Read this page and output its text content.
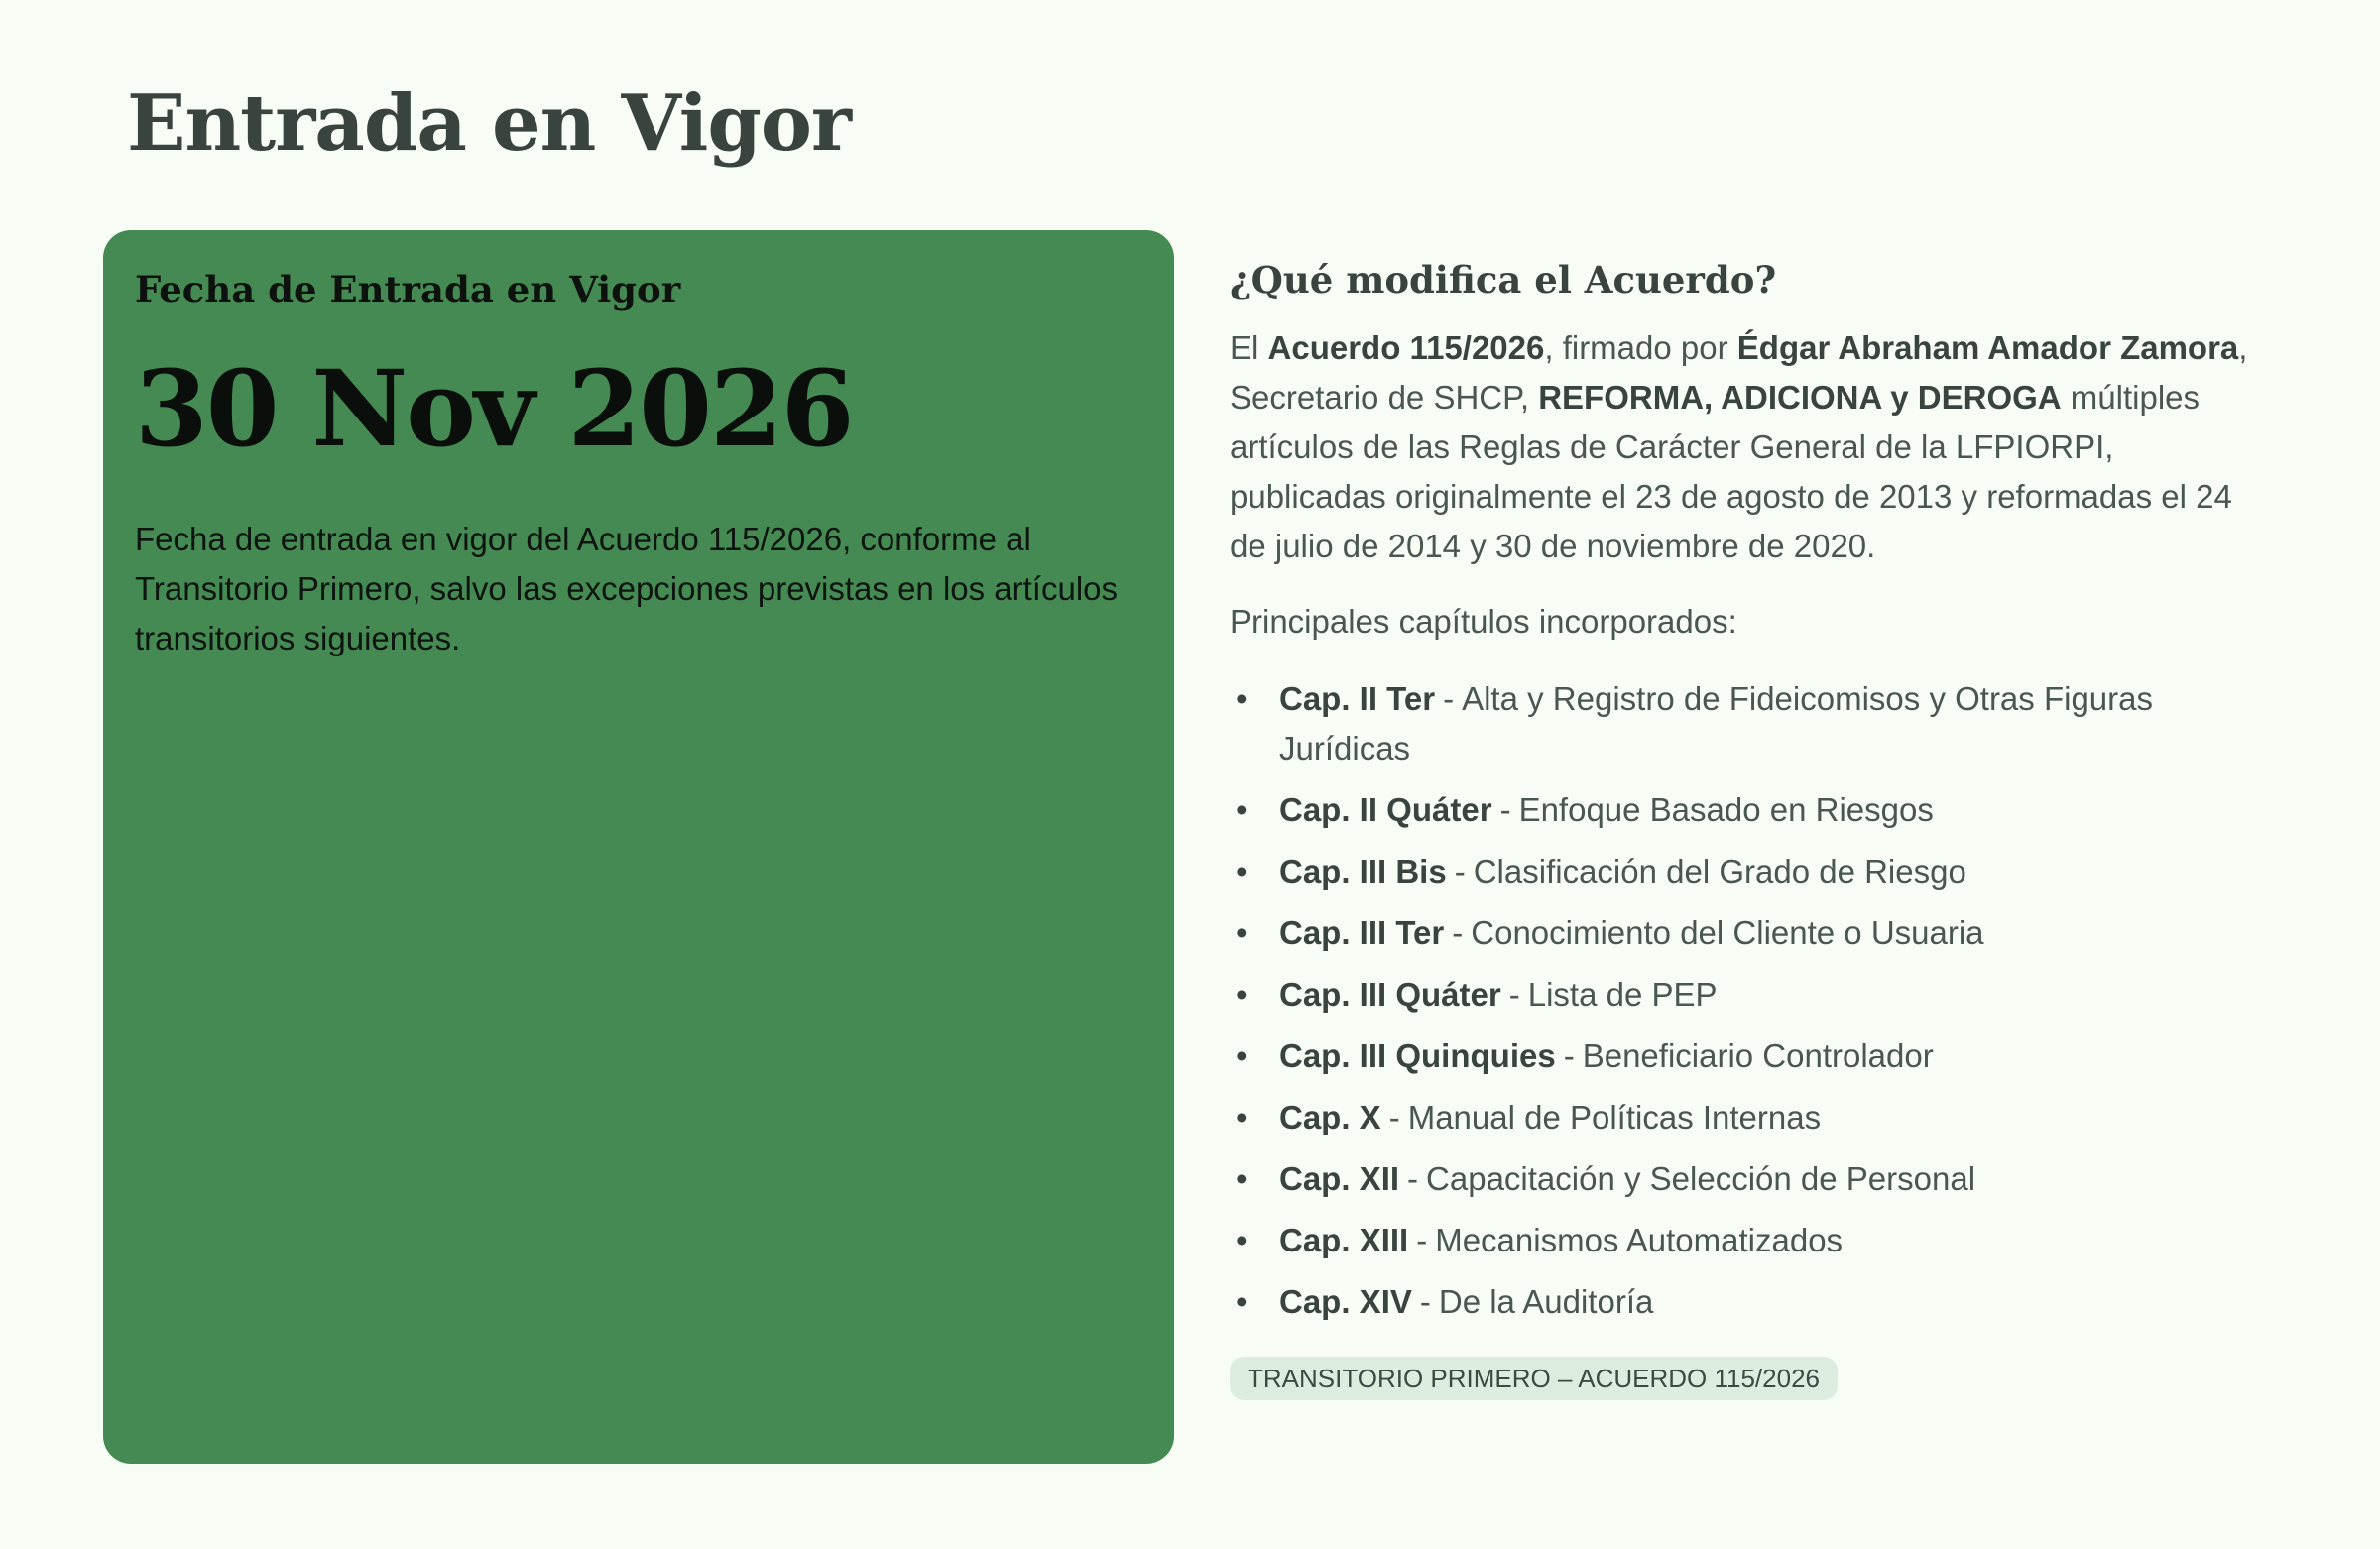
Entrada en Vigor
Fecha de Entrada en Vigor
30 Nov 2026

Fecha de entrada en vigor del Acuerdo 115/2026, conforme al Transitorio Primero, salvo las excepciones previstas en los artículos transitorios siguientes.

¿Qué modifica el Acuerdo?

El Acuerdo 115/2026, firmado por Édgar Abraham Amador Zamora, Secretario de SHCP, REFORMA, ADICIONA y DEROGA múltiples artículos de las Reglas de Carácter General de la LFPIORPI, publicadas originalmente el 23 de agosto de 2013 y reformadas el 24 de julio de 2014 y 30 de noviembre de 2020.

Principales capítulos incorporados:

• Cap. II Ter - Alta y Registro de Fideicomisos y Otras Figuras Jurídicas
• Cap. II Quáter - Enfoque Basado en Riesgos
• Cap. III Bis - Clasificación del Grado de Riesgo
• Cap. III Ter - Conocimiento del Cliente o Usuaria
• Cap. III Quáter - Lista de PEP
• Cap. III Quinquies - Beneficiario Controlador
• Cap. X - Manual de Políticas Internas
• Cap. XII - Capacitación y Selección de Personal
• Cap. XIII - Mecanismos Automatizados
• Cap. XIV - De la Auditoría
TRANSITORIO PRIMERO – ACUERDO 115/2026
